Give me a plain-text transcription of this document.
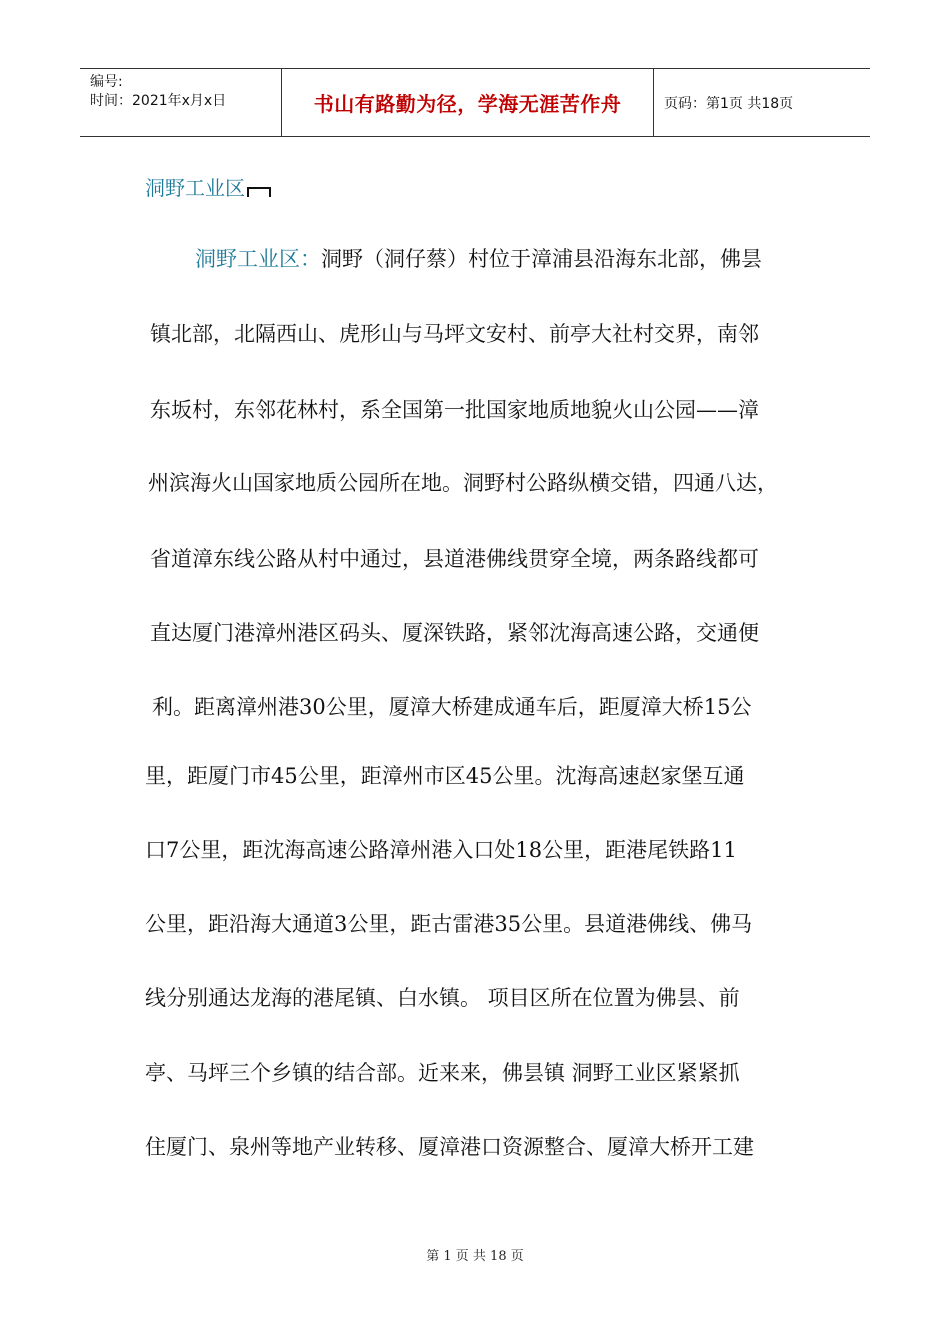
编号:
时间：2021年x月x日	书山有路勤为径，学海无涯苦作舟	页码：第1页 共18页
洞野工业区
洞野工业区：洞野（洞仔蔡）村位于漳浦县沿海东北部，佛昙
镇北部，北隔西山、虎形山与马坪文安村、前亭大社村交界，南邻
东坂村，东邻花林村，系全国第一批国家地质地貌火山公园——漳
州滨海火山国家地质公园所在地。洞野村公路纵横交错，四通八达，
省道漳东线公路从村中通过，县道港佛线贯穿全境，两条路线都可
直达厦门港漳州港区码头、厦深铁路，紧邻沈海高速公路，交通便
利。距离漳州港30公里，厦漳大桥建成通车后，距厦漳大桥15公
里，距厦门市45公里，距漳州市区45公里。沈海高速赵家堡互通
口7公里，距沈海高速公路漳州港入口处18公里，距港尾铁路11
公里，距沿海大通道3公里，距古雷港35公里。县道港佛线、佛马
线分别通达龙海的港尾镇、白水镇。 项目区所在位置为佛昙、前
亭、马坪三个乡镇的结合部。近来来，佛昙镇 洞野工业区紧紧抓
住厦门、泉州等地产业转移、厦漳港口资源整合、厦漳大桥开工建
第 1 页 共 18 页
